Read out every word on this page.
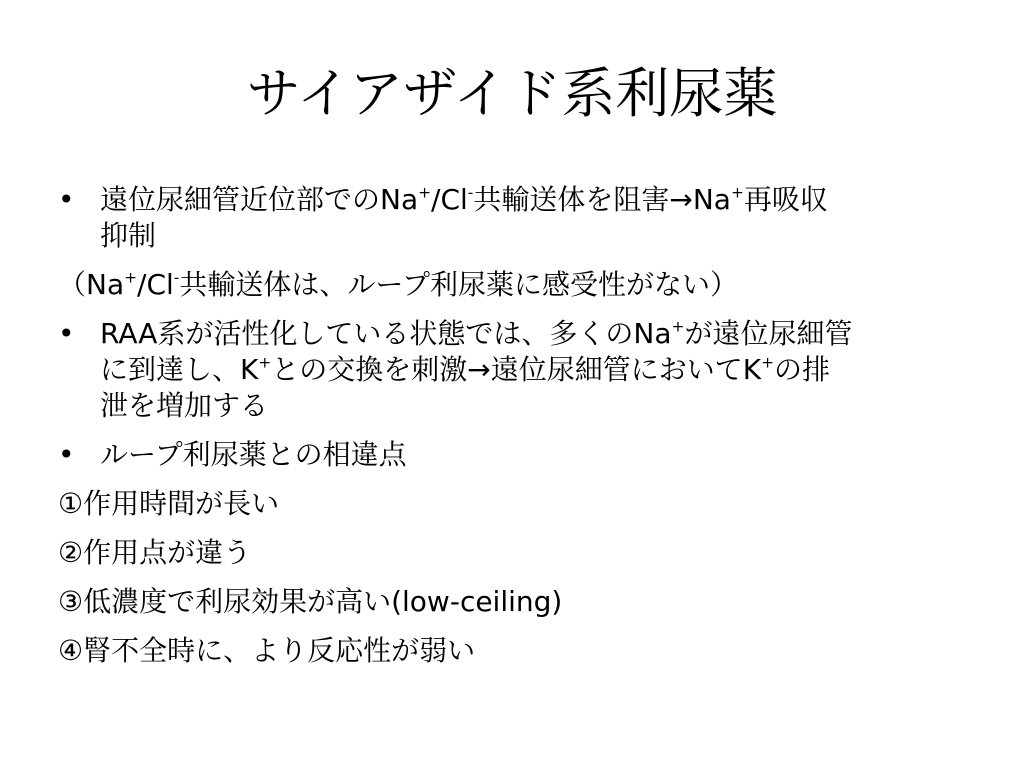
サイアザイド系利尿薬
• 遠位尿細管近位部でのNa+/Cl-共輸送体を阻害→Na+再吸収
抑制
（Na+/Cl-共輸送体は、ループ利尿薬に感受性がない）
• RAA系が活性化している状態では、多くのNa+が遠位尿細管
に到達し、K+との交換を刺激→遠位尿細管においてK+の排
泄を増加する
• ループ利尿薬との相違点
①作用時間が長い
②作用点が違う
③低濃度で利尿効果が高い(low-ceiling)
④腎不全時に、より反応性が弱い
